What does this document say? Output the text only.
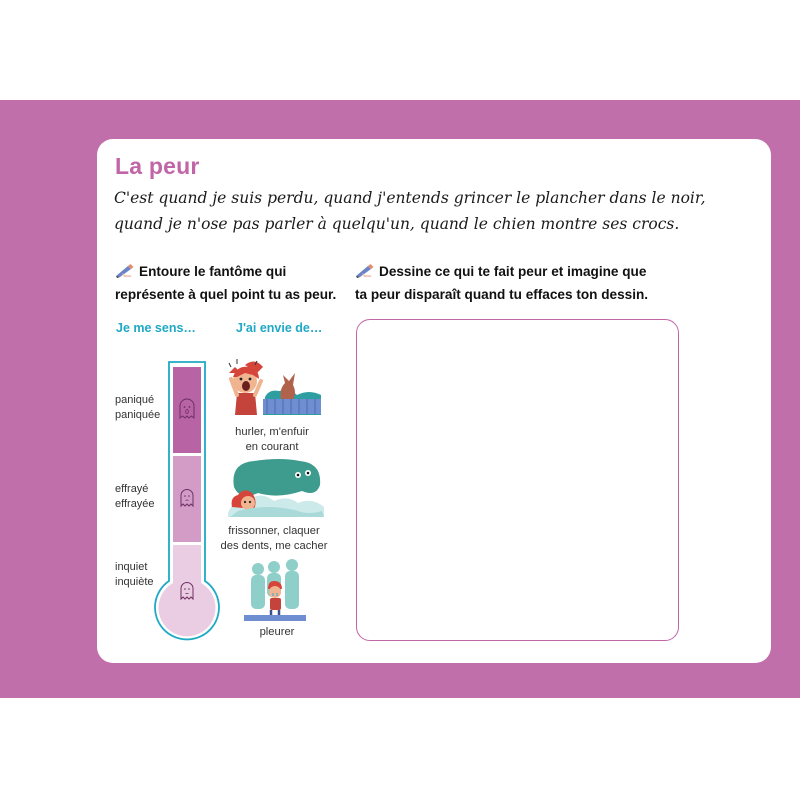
La peur

C'est quand je suis perdu, quand j'entends grincer le plancher dans le noir,

quand je n'ose pas parler à quelqu'un, quand le chien montre ses crocs.

Entoure le fantôme qui
représente à quel point tu as peur.
Dessine ce qui te fait peur et imagine que
ta peur disparaît quand tu effaces ton dessin.
Je me sens…	J'ai envie de…
paniqué
paniquée
effrayé
effrayée
inquiet
inquiète
hurler, m'enfuir
en courant
frissonner, claquer
des dents, me cacher
pleurer
